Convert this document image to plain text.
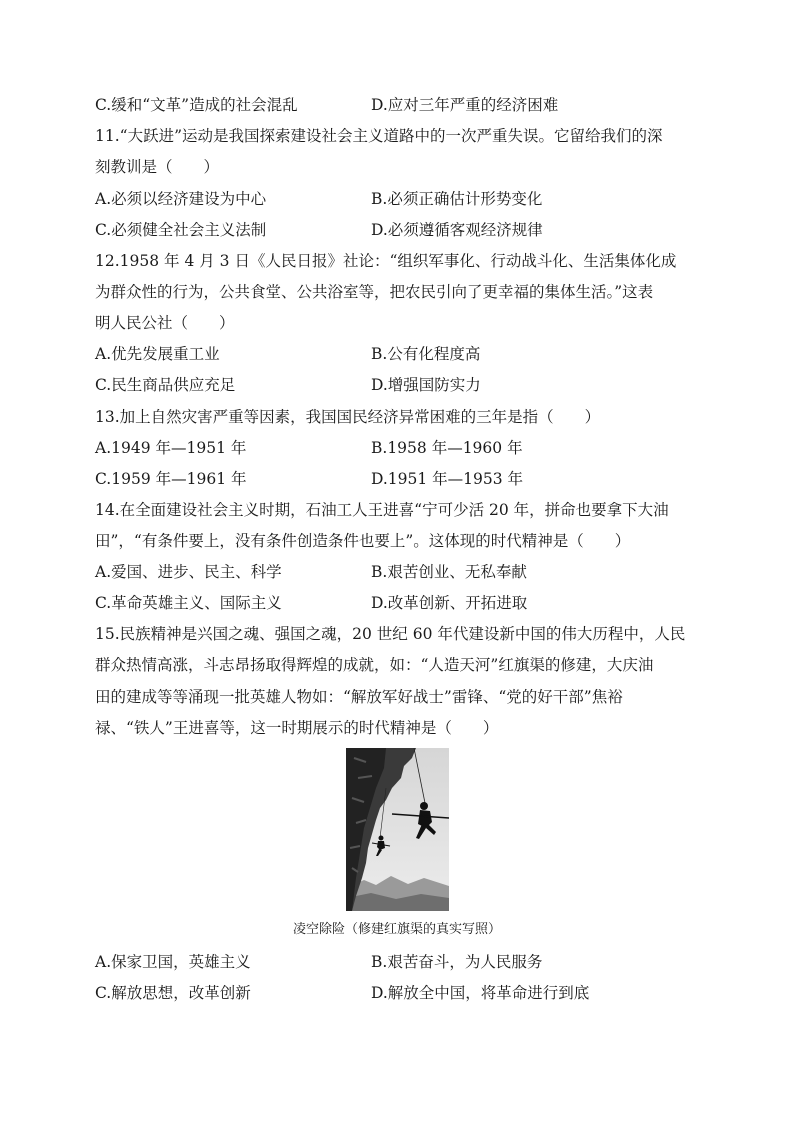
C.缓和“文革”造成的社会混乱	D.应对三年严重的经济困难
11.“大跃进”运动是我国探索建设社会主义道路中的一次严重失误。它留给我们的深
刻教训是（　　）
A.必须以经济建设为中心	B.必须正确估计形势变化
C.必须健全社会主义法制	D.必须遵循客观经济规律
12.1958 年 4 月 3 日《人民日报》社论：“组织军事化、行动战斗化、生活集体化成
为群众性的行为，公共食堂、公共浴室等，把农民引向了更幸福的集体生活。”这表
明人民公社（　　）
A.优先发展重工业	B.公有化程度高
C.民生商品供应充足	D.增强国防实力
13.加上自然灾害严重等因素，我国国民经济异常困难的三年是指（　　）
A.1949 年—1951 年	B.1958 年—1960 年
C.1959 年—1961 年	D.1951 年—1953 年
14.在全面建设社会主义时期，石油工人王进喜“宁可少活 20 年，拼命也要拿下大油
田”，“有条件要上，没有条件创造条件也要上”。这体现的时代精神是（　　）
A.爱国、进步、民主、科学	B.艰苦创业、无私奉献
C.革命英雄主义、国际主义	D.改革创新、开拓进取
15.民族精神是兴国之魂、强国之魂，20 世纪 60 年代建设新中国的伟大历程中，人民
群众热情高涨，斗志昂扬取得辉煌的成就，如：“人造天河”红旗渠的修建，大庆油
田的建成等等涌现一批英雄人物如：“解放军好战士”雷锋、“党的好干部”焦裕
禄、“铁人”王进喜等，这一时期展示的时代精神是（　　）
凌空除险（修建红旗渠的真实写照）
A.保家卫国，英雄主义	B.艰苦奋斗，为人民服务
C.解放思想，改革创新	D.解放全中国，将革命进行到底
